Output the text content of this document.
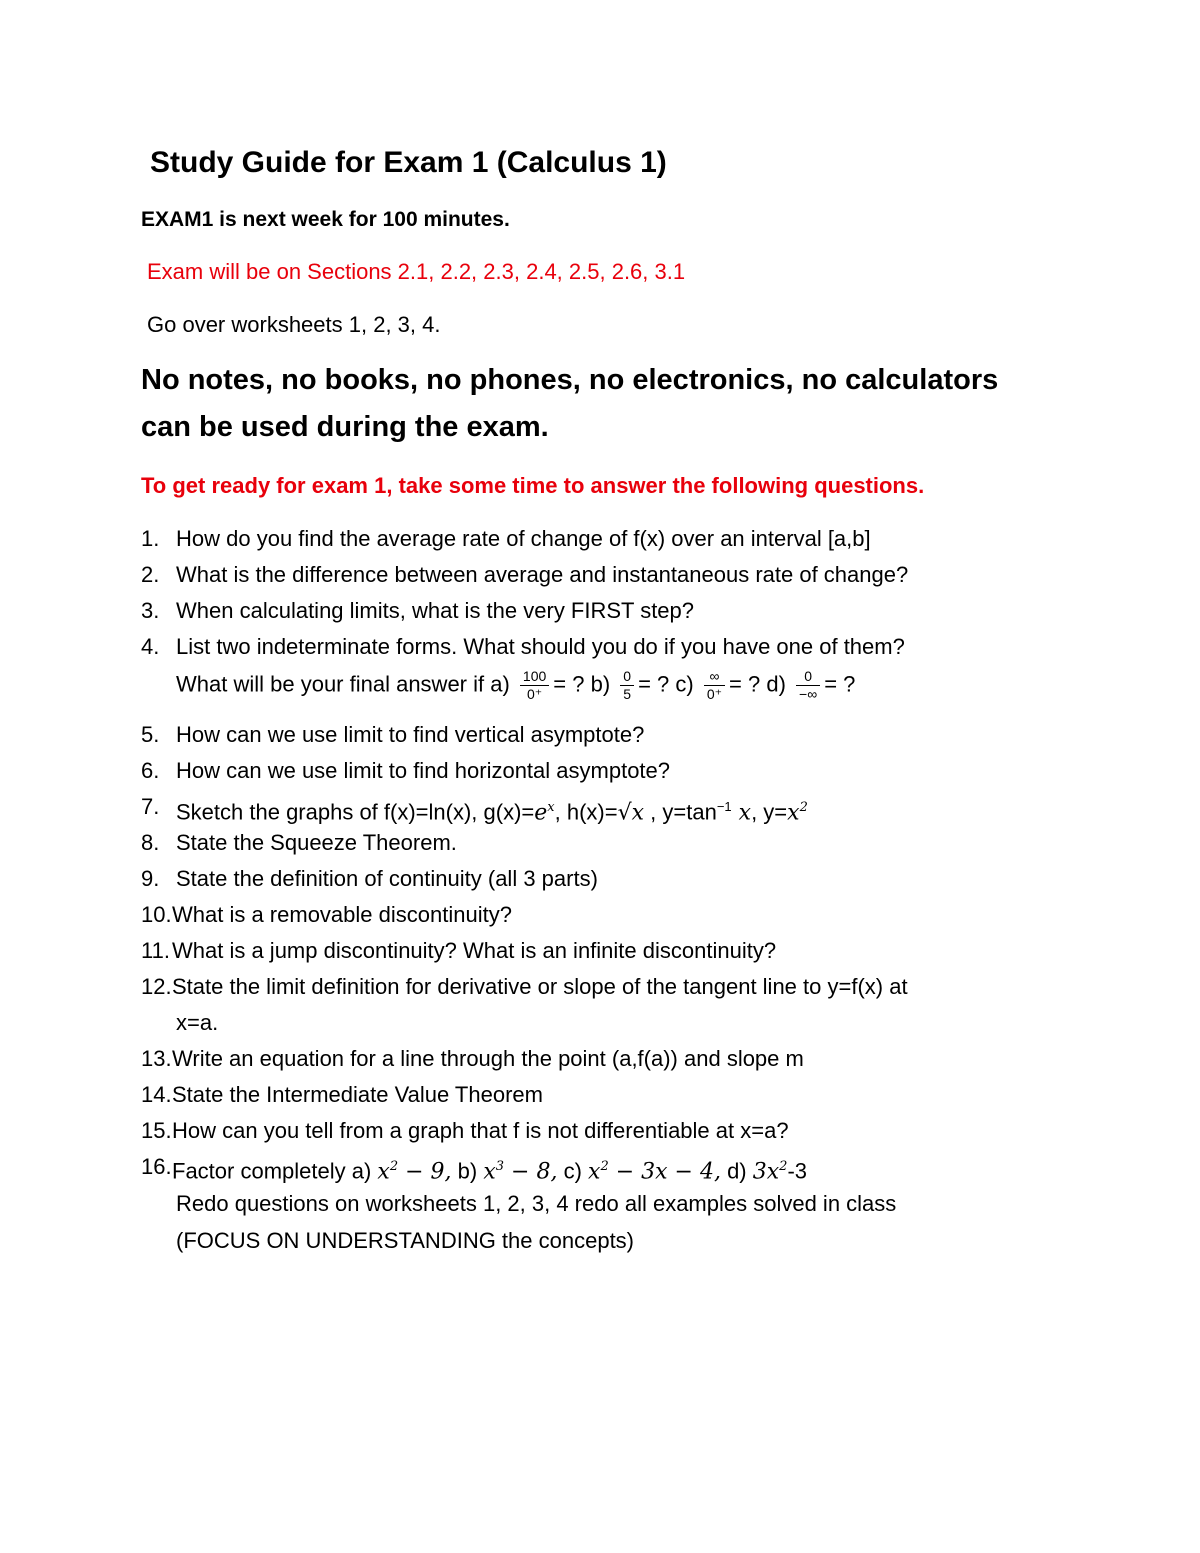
Study Guide for Exam 1 (Calculus 1)
EXAM1 is next week for 100 minutes.
Exam will be on Sections 2.1, 2.2, 2.3, 2.4, 2.5, 2.6, 3.1
Go over worksheets 1, 2, 3, 4.
No notes, no books, no phones, no electronics, no calculators
can be used during the exam.
To get ready for exam 1, take some time to answer the following questions.
1. How do you find the average rate of change of f(x) over an interval [a,b]
2. What is the difference between average and instantaneous rate of change?
3. When calculating limits, what is the very FIRST step?
4. List two indeterminate forms. What should you do if you have one of them?
What will be your final answer if $a) \frac{100}{0^+}$ = ? $b) \frac{0}{5}$ = ? $c) \frac{\infty}{0^+}$ = ? $d) \frac{0}{-\infty}$ = ?
5. How can we use limit to find vertical asymptote?
6. How can we use limit to find horizontal asymptote?
7. Sketch the graphs of f(x)=ln(x), $g(x)=e^x$, h(x)=√x , $y=\tan^{-1}$ x, $y=x^2$
8. State the Squeeze Theorem.
9. State the definition of continuity (all 3 parts)
10. What is a removable discontinuity?
11. What is a jump discontinuity? What is an infinite discontinuity?
12. State the limit definition for derivative or slope of the tangent line to y=f(x) at
x=a.
13. Write an equation for a line through the point (a,f(a)) and slope m
14. State the Intermediate Value Theorem
15. How can you tell from a graph that f is not differentiable at x=a?
16. Factor completely a) $x^2 - 9$, b) $x^3 - 8$, c) $x^2 - 3x - 4$, d) $3x^2-3$
Redo questions on worksheets 1, 2, 3, 4 redo all examples solved in class
(FOCUS ON UNDERSTANDING the concepts)
